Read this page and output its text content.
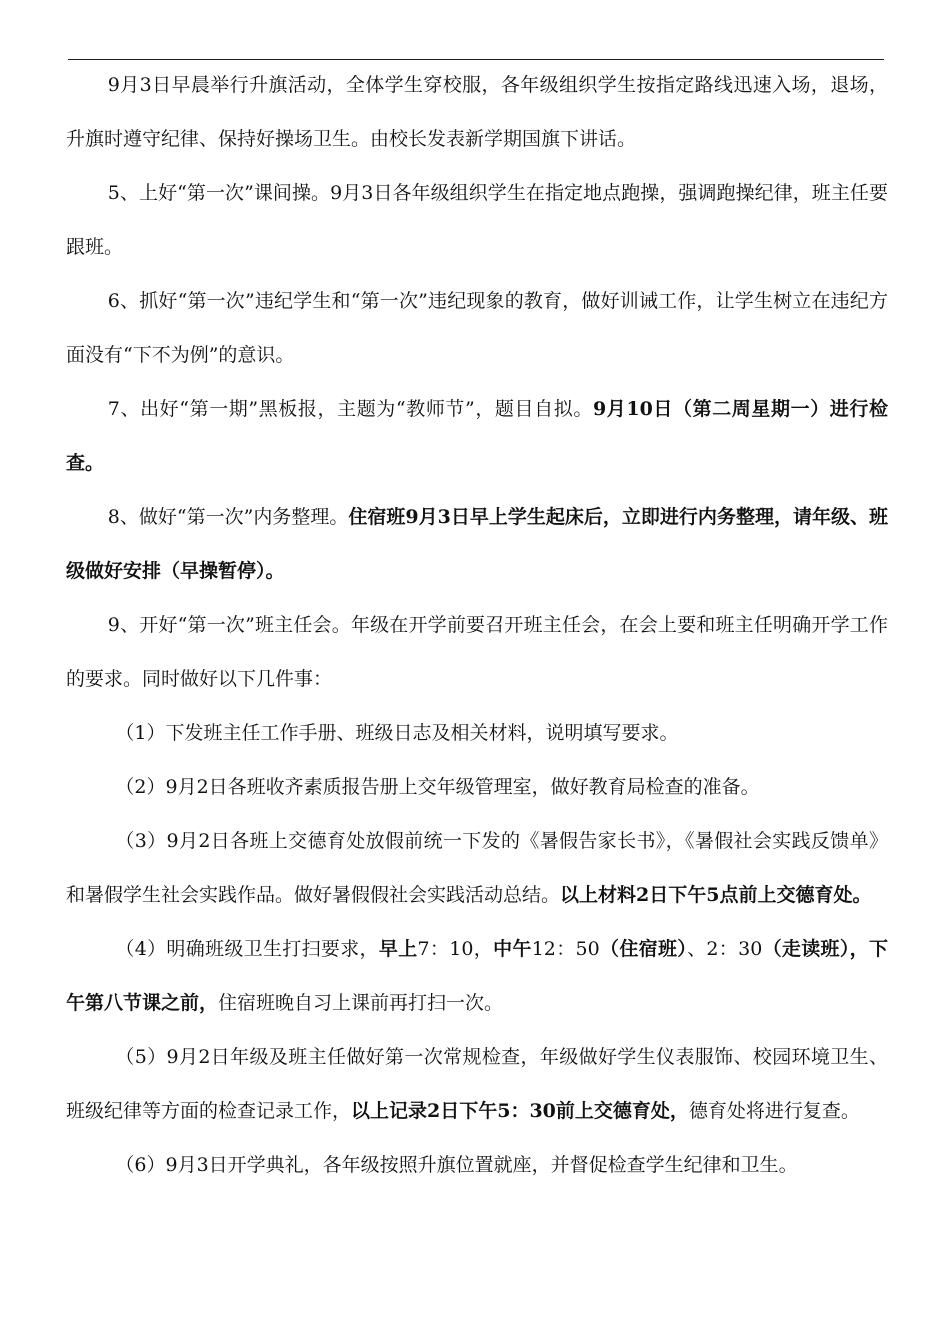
9月3日早晨举行升旗活动，全体学生穿校服，各年级组织学生按指定路线迅速入场，退场，升旗时遵守纪律、保持好操场卫生。由校长发表新学期国旗下讲话。

5、上好“第一次”课间操。9月3日各年级组织学生在指定地点跑操，强调跑操纪律，班主任要跟班。

6、抓好“第一次”违纪学生和“第一次”违纪现象的教育，做好训诫工作，让学生树立在违纪方面没有“下不为例”的意识。

7、出好“第一期”黑板报，主题为“教师节”，题目自拟。9月10日（第二周星期一）进行检查。

8、做好“第一次”内务整理。住宿班9月3日早上学生起床后，立即进行内务整理，请年级、班级做好安排（早操暂停）。

9、开好“第一次”班主任会。年级在开学前要召开班主任会，在会上要和班主任明确开学工作的要求。同时做好以下几件事：

（1）下发班主任工作手册、班级日志及相关材料，说明填写要求。

（2）9月2日各班收齐素质报告册上交年级管理室，做好教育局检查的准备。

（3）9月2日各班上交德育处放假前统一下发的《暑假告家长书》，《暑假社会实践反馈单》和暑假学生社会实践作品。做好暑假假社会实践活动总结。以上材料2日下午5点前上交德育处。

（4）明确班级卫生打扫要求，早上7：10，中午12：50（住宿班）、2：30（走读班），下午第八节课之前，住宿班晚自习上课前再打扫一次。

（5）9月2日年级及班主任做好第一次常规检查，年级做好学生仪表服饰、校园环境卫生、班级纪律等方面的检查记录工作，以上记录2日下午5：30前上交德育处，德育处将进行复查。

（6）9月3日开学典礼，各年级按照升旗位置就座，并督促检查学生纪律和卫生。
